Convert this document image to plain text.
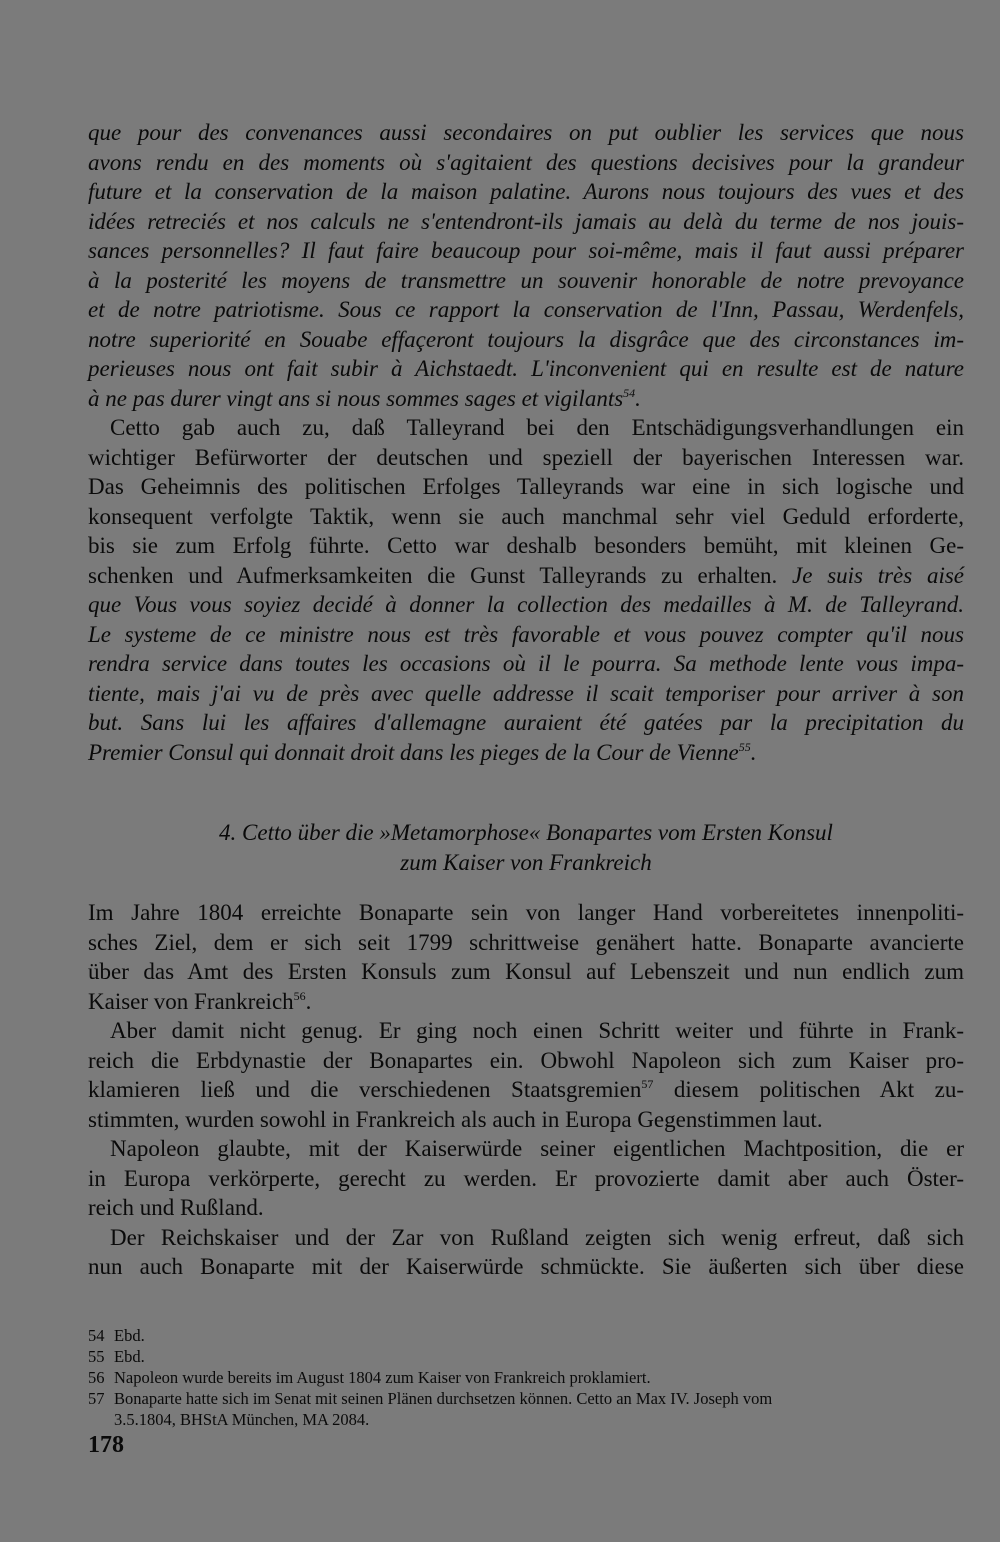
que pour des convenances aussi secondaires on put oublier les services que nous
avons rendu en des moments où s'agitaient des questions decisives pour la grandeur
future et la conservation de la maison palatine. Aurons nous toujours des vues et des
idées retreciés et nos calculs ne s'entendront-ils jamais au delà du terme de nos jouis-
sances personnelles? Il faut faire beaucoup pour soi-même, mais il faut aussi préparer
à la posterité les moyens de transmettre un souvenir honorable de notre prevoyance
et de notre patriotisme. Sous ce rapport la conservation de l'Inn, Passau, Werdenfels,
notre superiorité en Souabe effaçeront toujours la disgrâce que des circonstances im-
perieuses nous ont fait subir à Aichstaedt. L'inconvenient qui en resulte est de nature
à ne pas durer vingt ans si nous sommes sages et vigilants$^{54}$.
Cetto gab auch zu, daß Talleyrand bei den Entschädigungsverhandlungen ein
wichtiger Befürworter der deutschen und speziell der bayerischen Interessen war.
Das Geheimnis des politischen Erfolges Talleyrands war eine in sich logische und
konsequent verfolgte Taktik, wenn sie auch manchmal sehr viel Geduld erforderte,
bis sie zum Erfolg führte. Cetto war deshalb besonders bemüht, mit kleinen Ge-
schenken und Aufmerksamkeiten die Gunst Talleyrands zu erhalten. Je suis très aisé
que Vous vous soyiez decidé à donner la collection des medailles à M. de Talleyrand.
Le systeme de ce ministre nous est très favorable et vous pouvez compter qu'il nous
rendra service dans toutes les occasions où il le pourra. Sa methode lente vous impa-
tiente, mais j'ai vu de près avec quelle addresse il scait temporiser pour arriver à son
but. Sans lui les affaires d'allemagne auraient été gatées par la precipitation du
Premier Consul qui donnait droit dans les pieges de la Cour de Vienne$^{55}$.
4. Cetto über die »Metamorphose« Bonapartes vom Ersten Konsul
zum Kaiser von Frankreich
Im Jahre 1804 erreichte Bonaparte sein von langer Hand vorbereitetes innenpoliti-
sches Ziel, dem er sich seit 1799 schrittweise genähert hatte. Bonaparte avancierte
über das Amt des Ersten Konsuls zum Konsul auf Lebenszeit und nun endlich zum
Kaiser von Frankreich$^{56}$.
Aber damit nicht genug. Er ging noch einen Schritt weiter und führte in Frank-
reich die Erbdynastie der Bonapartes ein. Obwohl Napoleon sich zum Kaiser pro-
klamieren ließ und die verschiedenen Staatsgremien$^{57}$ diesem politischen Akt zu-
stimmten, wurden sowohl in Frankreich als auch in Europa Gegenstimmen laut.
Napoleon glaubte, mit der Kaiserwürde seiner eigentlichen Machtposition, die er
in Europa verkörperte, gerecht zu werden. Er provozierte damit aber auch Öster-
reich und Rußland.
Der Reichskaiser und der Zar von Rußland zeigten sich wenig erfreut, daß sich
nun auch Bonaparte mit der Kaiserwürde schmückte. Sie äußerten sich über diese
54 Ebd.
55 Ebd.
56 Napoleon wurde bereits im August 1804 zum Kaiser von Frankreich proklamiert.
57 Bonaparte hatte sich im Senat mit seinen Plänen durchsetzen können. Cetto an Max IV. Joseph vom
3.5.1804, BHStA München, MA 2084.
178
